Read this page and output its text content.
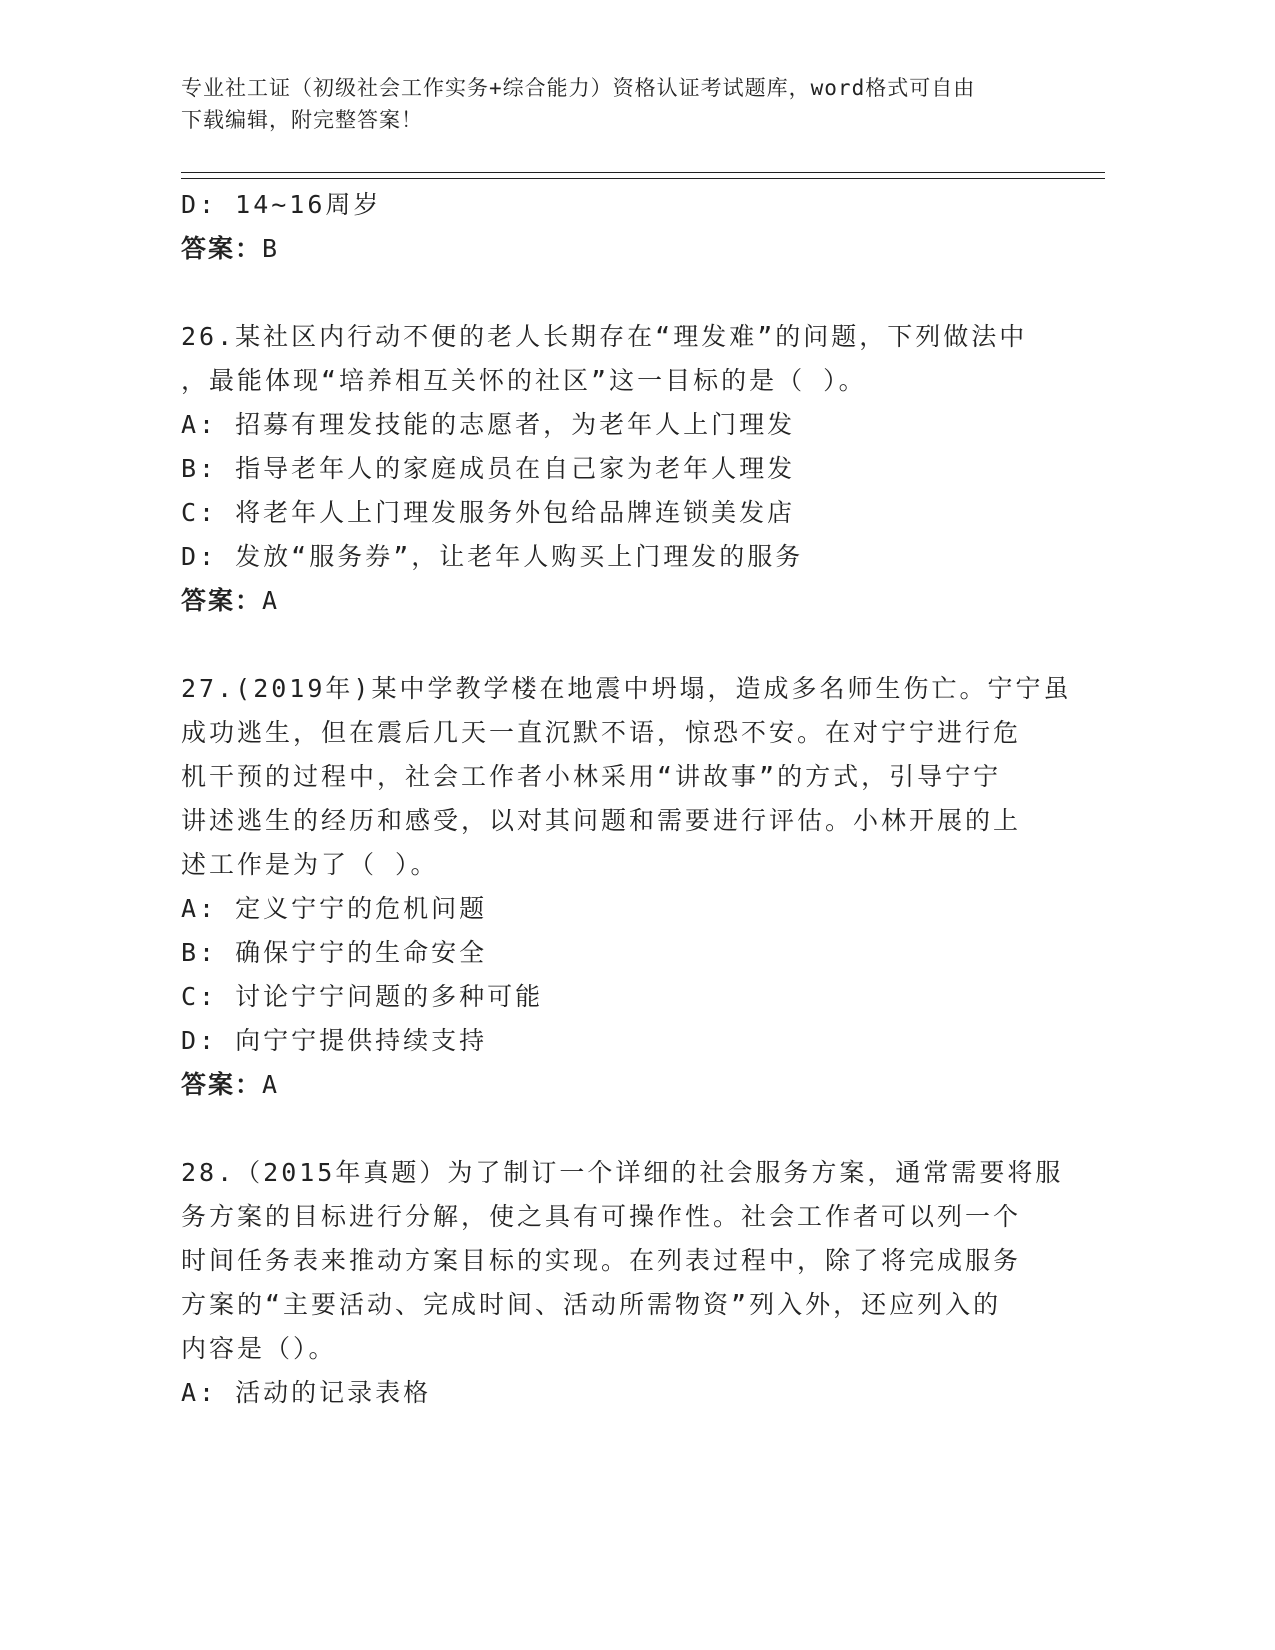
专业社工证（初级社会工作实务+综合能力）资格认证考试题库，word格式可自由
下载编辑，附完整答案！
D: 14~16周岁
答案：B
26.某社区内行动不便的老人长期存在“理发难”的问题，下列做法中
，最能体现“培养相互关怀的社区”这一目标的是（ ）。
A: 招募有理发技能的志愿者，为老年人上门理发
B: 指导老年人的家庭成员在自己家为老年人理发
C: 将老年人上门理发服务外包给品牌连锁美发店
D: 发放“服务券”，让老年人购买上门理发的服务
答案：A
27.(2019年)某中学教学楼在地震中坍塌，造成多名师生伤亡。宁宁虽
成功逃生，但在震后几天一直沉默不语，惊恐不安。在对宁宁进行危
机干预的过程中，社会工作者小林采用“讲故事”的方式，引导宁宁
讲述逃生的经历和感受，以对其问题和需要进行评估。小林开展的上
述工作是为了（ ）。
A: 定义宁宁的危机问题
B: 确保宁宁的生命安全
C: 讨论宁宁问题的多种可能
D: 向宁宁提供持续支持
答案：A
28.（2015年真题）为了制订一个详细的社会服务方案，通常需要将服
务方案的目标进行分解，使之具有可操作性。社会工作者可以列一个
时间任务表来推动方案目标的实现。在列表过程中，除了将完成服务
方案的“主要活动、完成时间、活动所需物资”列入外，还应列入的
内容是（）。
A: 活动的记录表格
